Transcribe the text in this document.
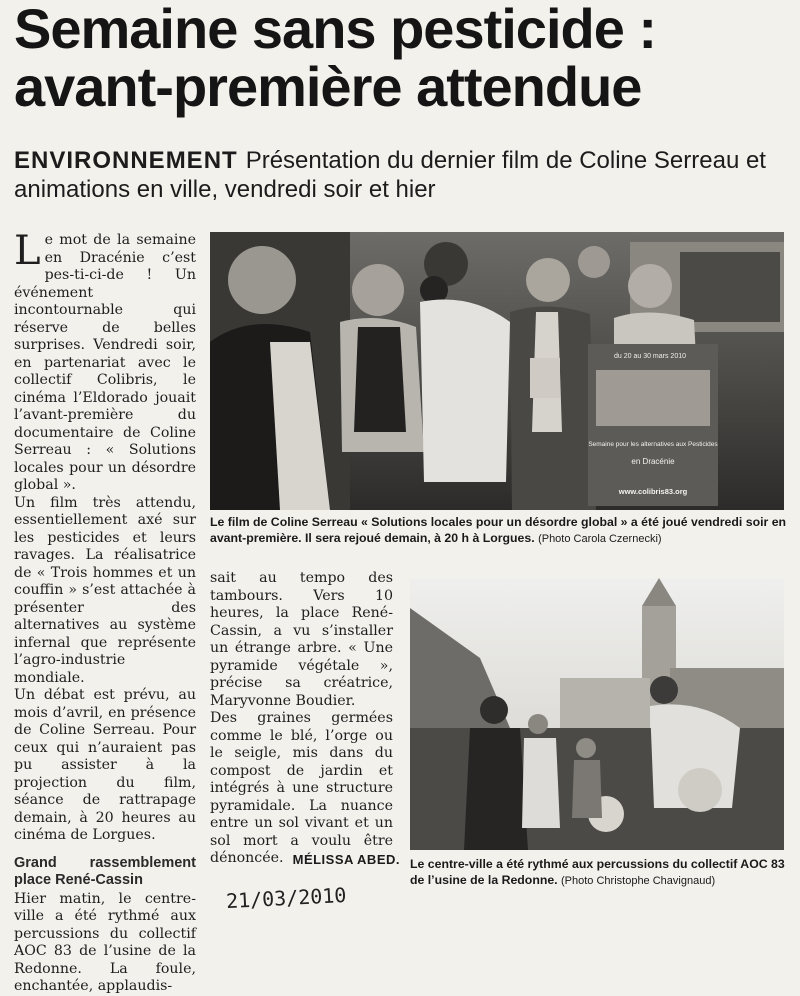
Semaine sans pesticide :
avant-première attendue
ENVIRONNEMENT Présentation du dernier film de Coline Serreau et animations en ville, vendredi soir et hier

Le mot de la semaine en Dracénie c’est pes-ti-ci-de ! Un événement incontournable qui réserve de belles surprises. Vendredi soir, en partenariat avec le collectif Colibris, le cinéma l’Eldorado jouait l’avant-première du documentaire de Coline Serreau : « Solutions locales pour un désordre global ».

Un film très attendu, essentiellement axé sur les pesticides et leurs ravages. La réalisatrice de « Trois hommes et un couffin » s’est attachée à présenter des alternatives au système infernal que représente l’agro-industrie mondiale.

Un débat est prévu, au mois d’avril, en présence de Coline Serreau. Pour ceux qui n’auraient pas pu assister à la projection du film, séance de rattrapage demain, à 20 heures au cinéma de Lorgues.

Grand rassemblement place René-Cassin

Hier matin, le centre-ville a été rythmé aux percussions du collectif AOC 83 de l’usine de la Redonne. La foule, enchantée, applaudis-

du 20 au 30 mars 2010
Semaine pour les alternatives aux Pesticides
en Dracénie
www.colibris83.org
Le film de Coline Serreau « Solutions locales pour un désordre global » a été joué vendredi soir en avant-première. Il sera rejoué demain, à 20 h à Lorgues. (Photo Carola Czernecki)

sait au tempo des tambours. Vers 10 heures, la place René-Cassin, a vu s’installer un étrange arbre. « Une pyramide végétale », précise sa créatrice, Maryvonne Boudier.

Des graines germées comme le blé, l’orge ou le seigle, mis dans du compost de jardin et intégrés à une structure pyramidale. La nuance entre un sol vivant et un sol mort a voulu être dénoncée. MÉLISSA ABED. Le centre-ville a été rythmé aux percussions du collectif AOC 83 de l’usine de la Redonne. (Photo Christophe Chavignaud)
21/03/2010
